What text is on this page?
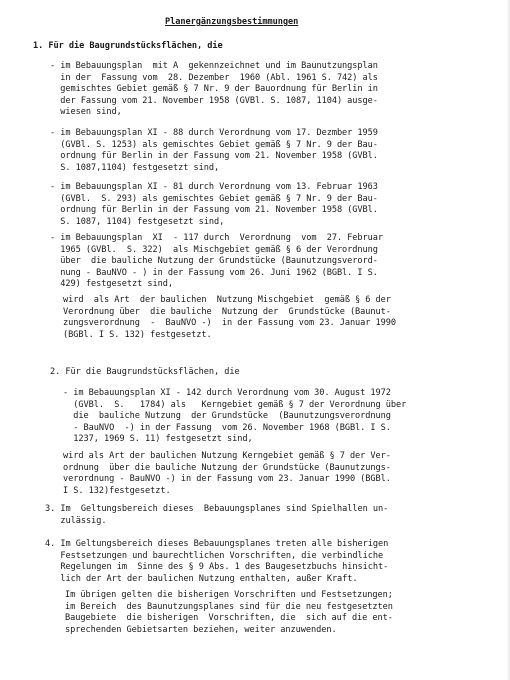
Planergänzungsbestimmungen

1. Für die Baugrundstücksflächen, die

- im Bebauungsplan  mit A  gekennzeichnet und im Baunutzungsplan
in der  Fassung vom  28. Dezember  1960 (Abl. 1961 S. 742) als
gemischtes Gebiet gemäß § 7 Nr. 9 der Bauordnung für Berlin in
der Fassung vom 21. November 1958 (GVBl. S. 1087, 1104) ausge-
wiesen sind,

- im Bebauungsplan XI - 88 durch Verordnung vom 17. Dezmber 1959
(GVBl. S. 1253) als gemischtes Gebiet gemäß § 7 Nr. 9 der Bau-
ordnung für Berlin in der Fassung vom 21. November 1958 (GVBl.
S. 1087,1104) festgesetzt sind,

- im Bebauungsplan XI - 81 durch Verordnung vom 13. Februar 1963
(GVBl.  S. 293) als gemischtes Gebiet gemäß § 7 Nr. 9 der Bau-
ordnung für Berlin in der Fassung vom 21. November 1958 (GVBl.
S. 1087, 1104) festgesetzt sind,

- im Bebauungsplan  XI  - 117 durch  Verordnung  vom  27. Februar
1965 (GVBl.  S. 322)  als Mischgebiet gemäß § 6 der Verordnung
über  die bauliche Nutzung der Grundstücke (Baunutzungsverord-
nung - BauNVO - ) in der Fassung vom 26. Juni 1962 (BGBl. I S.
429) festgesetzt sind,

wird  als Art  der baulichen  Nutzung Mischgebiet  gemäß § 6 der
Verordnung über  die bauliche  Nutzung der  Grundstücke (Baunut-
zungsverordnung  -  BauNVO -)  in der Fassung vom 23. Januar 1990
(BGBl. I S. 132) festgesetzt.

2. Für die Baugrundstücksflächen, die

- im Bebauungsplan XI - 142 durch Verordnung vom 30. August 1972
(GVBl.  S.   1784) als   Kerngebiet gemäß § 7 der Verordnung über
die  bauliche Nutzung  der Grundstücke  (Baunutzungsverordnung
- BauNVO  -) in der Fassung  vom 26. November 1968 (BGBl. I S.
1237, 1969 S. 11) festgesetzt sind,

wird als Art der baulichen Nutzung Kerngebiet gemäß § 7 der Ver-
ordnung  über die bauliche Nutzung der Grundstücke (Baunutzungs-
verordnung - BauNVO -) in der Fassung vom 23. Januar 1990 (BGBl.
I S. 132)festgesetzt.

3. Im  Geltungsbereich dieses  Bebauungsplanes sind Spielhallen un-
zulässig.

4. Im Geltungsbereich dieses Bebauungsplanes treten alle bisherigen
Festsetzungen und baurechtlichen Vorschriften, die verbindliche
Regelungen im  Sinne des § 9 Abs. 1 des Baugesetzbuchs hinsicht-
lich der Art der baulichen Nutzung enthalten, außer Kraft.

Im übrigen gelten die bisherigen Vorschriften und Festsetzungen;
im Bereich  des Baunutzungsplanes sind für die neu festgesetzten
Baugebiete  die bisherigen  Vorschriften, die  sich auf die ent-
sprechenden Gebietsarten beziehen, weiter anzuwenden.
